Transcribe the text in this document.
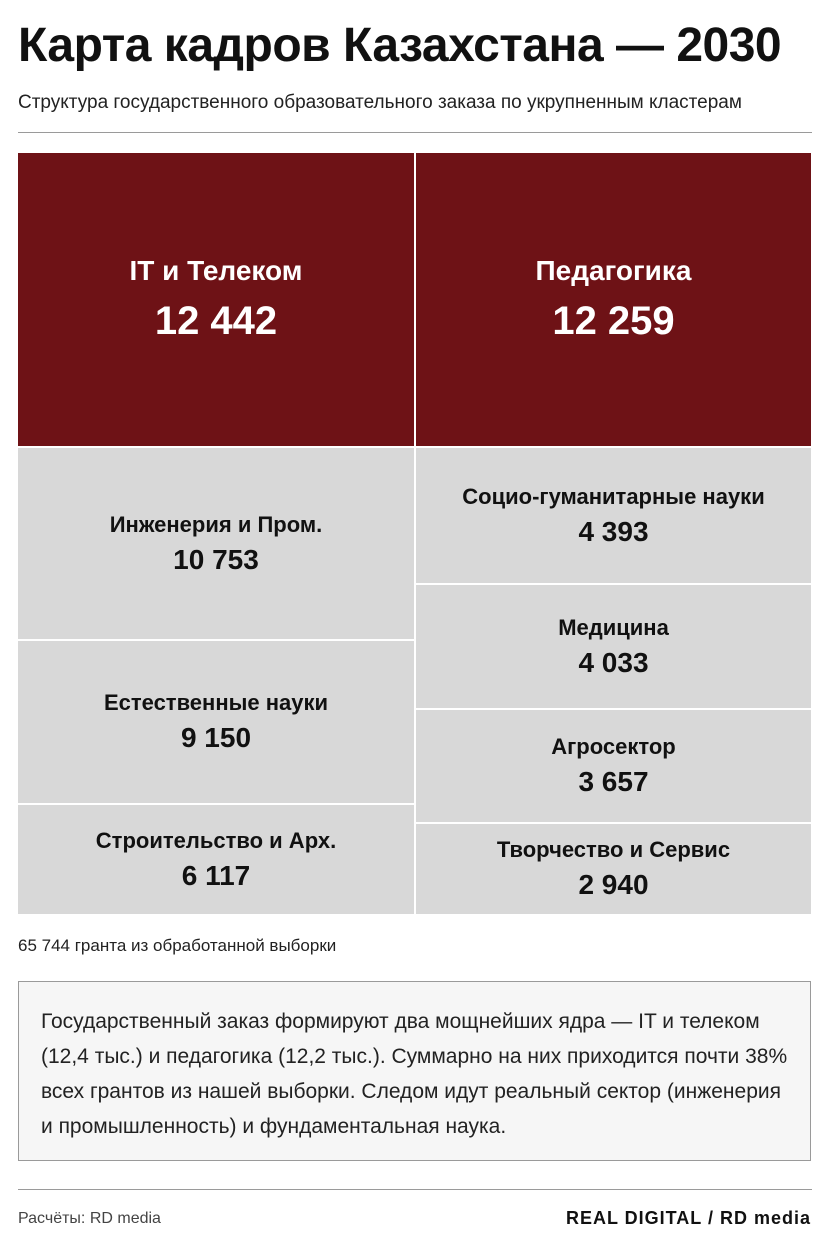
Карта кадров Казахстана — 2030
Структура государственного образовательного заказа по укрупненным кластерам
IT и Телеком
12 442
Педагогика
12 259
Инженерия и Пром.
10 753
Естественные науки
9 150
Строительство и Арх.
6 117
Социо-гуманитарные науки
4 393
Медицина
4 033
Агросектор
3 657
Творчество и Сервис
2 940
65 744 гранта из обработанной выборки
Государственный заказ формируют два мощнейших ядра — IT и телеком (12,4 тыс.) и педагогика (12,2 тыс.). Суммарно на них приходится почти 38% всех грантов из нашей выборки. Следом идут реальный сектор (инженерия и промышленность) и фундаментальная наука.
Расчёты: RD media	REAL DIGITAL / RD media
